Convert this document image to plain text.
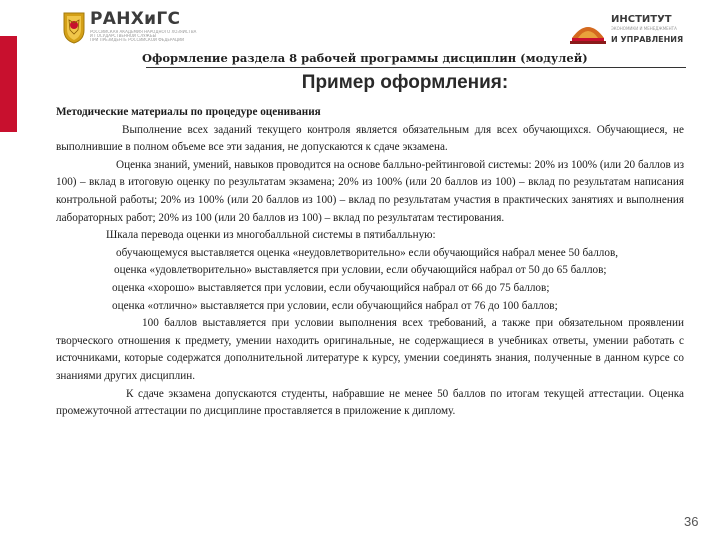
РАНХиГС
РОССИЙСКАЯ АКАДЕМИЯ НАРОДНОГО ХОЗЯЙСТВА
И ГОСУДАРСТВЕННОЙ СЛУЖБЫ
ПРИ ПРЕЗИДЕНТЕ РОССИЙСКОЙ ФЕДЕРАЦИИ
ИНСТИТУТ
ЭКОНОМИКИ И МЕНЕДЖМЕНТА
И УПРАВЛЕНИЯ
Оформление раздела 8 рабочей программы дисциплин (модулей)
Пример оформления:

Методические материалы по процедуре оценивания

Выполнение всех заданий текущего контроля является обязательным для всех обучающихся. Обучающиеся, не выполнившие в полном объеме все эти задания, не допускаются к сдаче экзамена.

Оценка знаний, умений, навыков проводится на основе балльно-рейтинговой системы: 20% из 100% (или 20 баллов из 100) – вклад в итоговую оценку по результатам экзамена; 20% из 100% (или 20 баллов из 100) – вклад по результатам написания контрольной работы; 20% из 100% (или 20 баллов из 100) – вклад по результатам участия в практических занятиях и выполнения лабораторных работ; 20% из 100 (или 20 баллов из 100) – вклад по результатам тестирования.

Шкала перевода оценки из многобалльной системы в пятибалльную:

обучающемуся выставляется оценка «неудовлетворительно» если обучающийся набрал менее 50 баллов,

оценка «удовлетворительно» выставляется при условии, если обучающийся набрал от 50 до 65 баллов;

оценка «хорошо» выставляется при условии, если обучающийся набрал от 66 до 75 баллов;

оценка «отлично» выставляется при условии, если обучающийся набрал от 76 до 100 баллов;

100 баллов выставляется при условии выполнения всех требований, а также при обязательном проявлении творческого отношения к предмету, умении находить оригинальные, не содержащиеся в учебниках ответы, умении работать с источниками, которые содержатся дополнительной литературе к курсу, умении соединять знания, полученные в данном курсе со знаниями других дисциплин.

К сдаче экзамена допускаются студенты, набравшие не менее 50 баллов по итогам текущей аттестации. Оценка промежуточной аттестации по дисциплине проставляется в приложение к диплому.

36
